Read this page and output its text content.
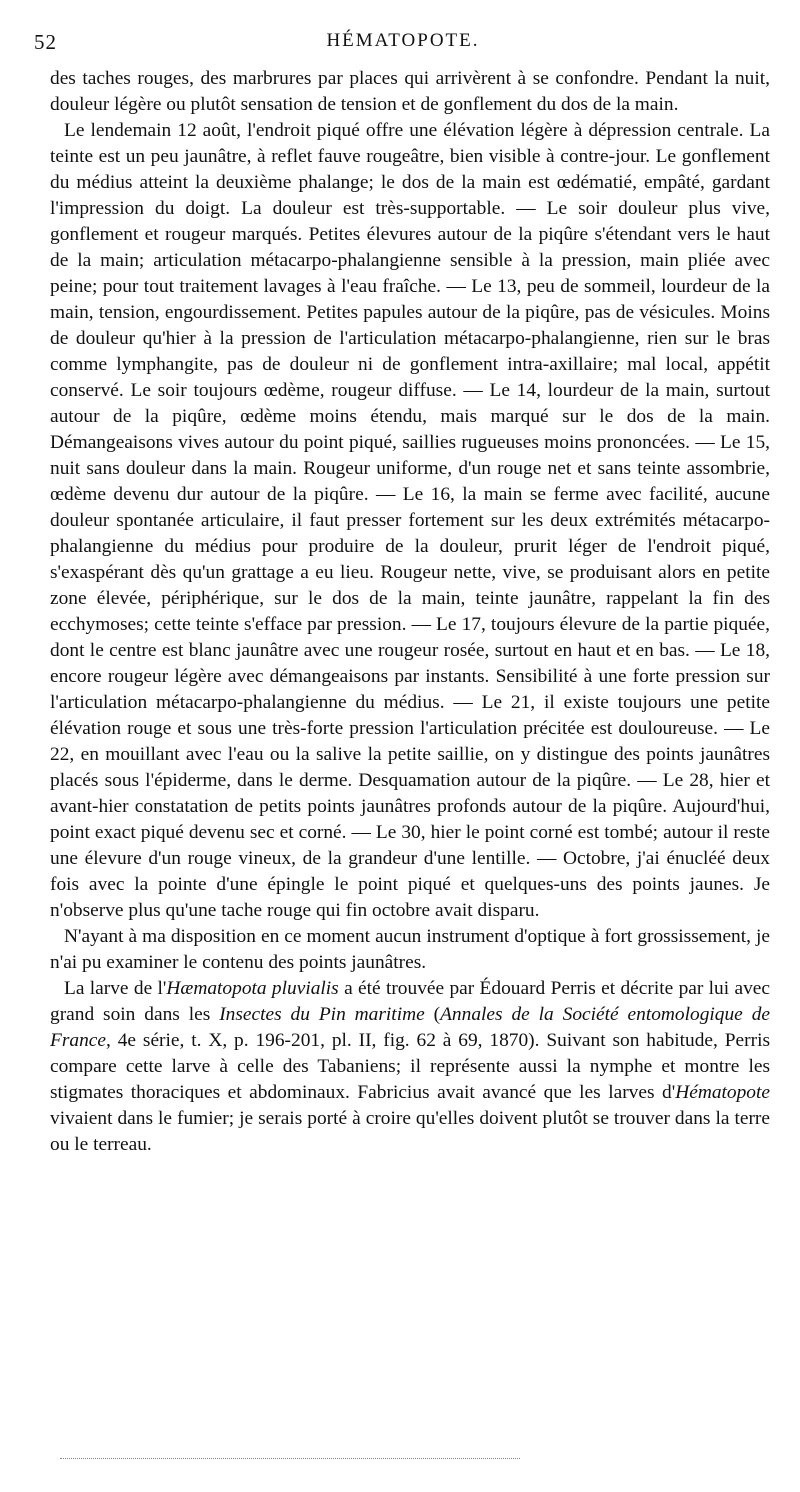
52	HÉMATOPOTE.

des taches rouges, des marbrures par places qui arrivèrent à se confondre. Pendant la nuit, douleur légère ou plutôt sensation de tension et de gonflement du dos de la main.

Le lendemain 12 août, l'endroit piqué offre une élévation légère à dépression centrale. La teinte est un peu jaunâtre, à reflet fauve rougeâtre, bien visible à contre-jour. Le gonflement du médius atteint la deuxième phalange; le dos de la main est œdématié, empâté, gardant l'impression du doigt. La douleur est très-supportable. — Le soir douleur plus vive, gonflement et rougeur marqués. Petites élevures autour de la piqûre s'étendant vers le haut de la main; articulation métacarpo-phalangienne sensible à la pression, main pliée avec peine; pour tout traitement lavages à l'eau fraîche. — Le 13, peu de sommeil, lourdeur de la main, tension, engourdissement. Petites papules autour de la piqûre, pas de vésicules. Moins de douleur qu'hier à la pression de l'articulation métacarpo-phalangienne, rien sur le bras comme lymphangite, pas de douleur ni de gonflement intra-axillaire; mal local, appétit conservé. Le soir toujours œdème, rougeur diffuse. — Le 14, lourdeur de la main, surtout autour de la piqûre, œdème moins étendu, mais marqué sur le dos de la main. Démangeaisons vives autour du point piqué, saillies rugueuses moins prononcées. — Le 15, nuit sans douleur dans la main. Rougeur uniforme, d'un rouge net et sans teinte assombrie, œdème devenu dur autour de la piqûre. — Le 16, la main se ferme avec facilité, aucune douleur spontanée articulaire, il faut presser fortement sur les deux extrémités métacarpo-phalangienne du médius pour produire de la douleur, prurit léger de l'endroit piqué, s'exaspérant dès qu'un grattage a eu lieu. Rougeur nette, vive, se produisant alors en petite zone élevée, périphérique, sur le dos de la main, teinte jaunâtre, rappelant la fin des ecchymoses; cette teinte s'efface par pression. — Le 17, toujours élevure de la partie piquée, dont le centre est blanc jaunâtre avec une rougeur rosée, surtout en haut et en bas. — Le 18, encore rougeur légère avec démangeaisons par instants. Sensibilité à une forte pression sur l'articulation métacarpo-phalangienne du médius. — Le 21, il existe toujours une petite élévation rouge et sous une très-forte pression l'articulation précitée est douloureuse. — Le 22, en mouillant avec l'eau ou la salive la petite saillie, on y distingue des points jaunâtres placés sous l'épiderme, dans le derme. Desquamation autour de la piqûre. — Le 28, hier et avant-hier constatation de petits points jaunâtres profonds autour de la piqûre. Aujourd'hui, point exact piqué devenu sec et corné. — Le 30, hier le point corné est tombé; autour il reste une élevure d'un rouge vineux, de la grandeur d'une lentille. — Octobre, j'ai énucléé deux fois avec la pointe d'une épingle le point piqué et quelques-uns des points jaunes. Je n'observe plus qu'une tache rouge qui fin octobre avait disparu.

N'ayant à ma disposition en ce moment aucun instrument d'optique à fort grossissement, je n'ai pu examiner le contenu des points jaunâtres.

La larve de l'Hæmatopota pluvialis a été trouvée par Édouard Perris et décrite par lui avec grand soin dans les Insectes du Pin maritime (Annales de la Société entomologique de France, 4e série, t. X, p. 196-201, pl. II, fig. 62 à 69, 1870). Suivant son habitude, Perris compare cette larve à celle des Tabaniens; il représente aussi la nymphe et montre les stigmates thoraciques et abdominaux. Fabricius avait avancé que les larves d'Hématopote vivaient dans le fumier; je serais porté à croire qu'elles doivent plutôt se trouver dans la terre ou le terreau.
